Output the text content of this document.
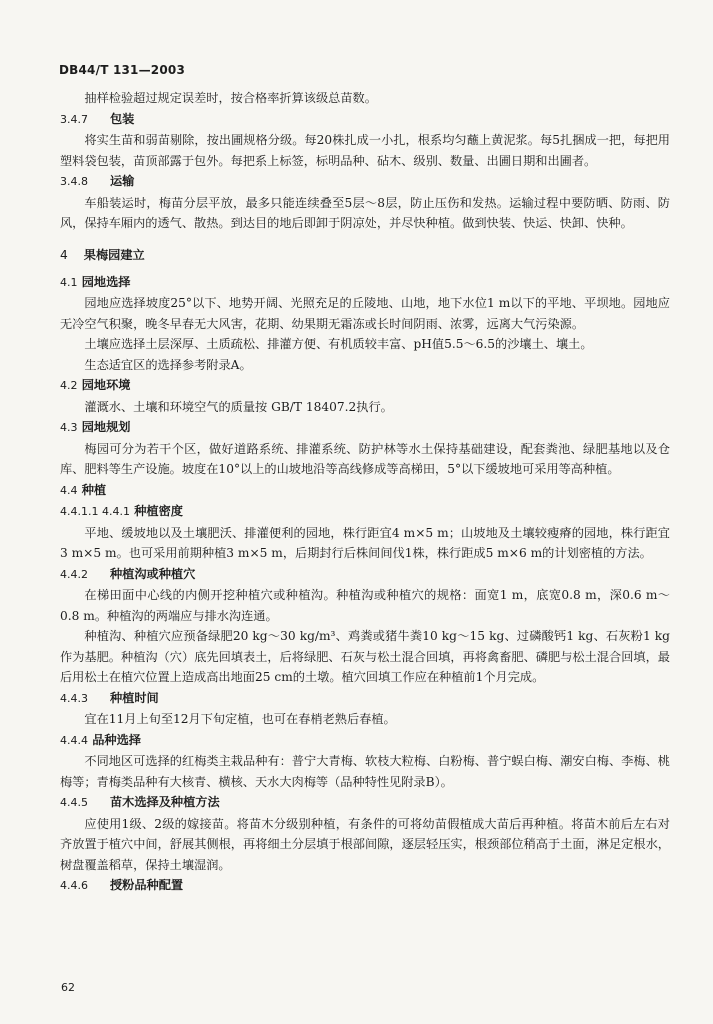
DB44/T 131—2003

抽样检验超过规定误差时，按合格率折算该级总苗数。

3.4.7 包装

将实生苗和弱苗剔除，按出圃规格分级。每20株扎成一小扎，根系均匀蘸上黄泥浆。每5扎捆成一把，每把用塑料袋包装，苗顶部露于包外。每把系上标签，标明品种、砧木、级别、数量、出圃日期和出圃者。

3.4.8 运输

车船装运时，梅苗分层平放，最多只能连续叠至5层～8层，防止压伤和发热。运输过程中要防晒、防雨、防风，保持车厢内的透气、散热。到达目的地后即卸于阴凉处，并尽快种植。做到快装、快运、快卸、快种。

4 果梅园建立

4.1 园地选择

园地应选择坡度25°以下、地势开阔、光照充足的丘陵地、山地，地下水位1 m以下的平地、平坝地。园地应无冷空气积聚，晚冬早春无大风害，花期、幼果期无霜冻或长时间阴雨、浓雾，远离大气污染源。

土壤应选择土层深厚、土质疏松、排灌方便、有机质较丰富、pH值5.5～6.5的沙壤土、壤土。

生态适宜区的选择参考附录A。

4.2 园地环境

灌溉水、土壤和环境空气的质量按 GB/T 18407.2执行。

4.3 园地规划

梅园可分为若干个区，做好道路系统、排灌系统、防护林等水土保持基础建设，配套粪池、绿肥基地以及仓库、肥料等生产设施。坡度在10°以上的山坡地沿等高线修成等高梯田，5°以下缓坡地可采用等高种植。

4.4 种植

4.4.1.1 4.4.1 种植密度

平地、缓坡地以及土壤肥沃、排灌便利的园地，株行距宜4 m×5 m；山坡地及土壤较瘦瘠的园地，株行距宜3 m×5 m。也可采用前期种植3 m×5 m，后期封行后株间间伐1株，株行距成5 m×6 m的计划密植的方法。

4.4.2 种植沟或种植穴

在梯田面中心线的内侧开挖种植穴或种植沟。种植沟或种植穴的规格：面宽1 m，底宽0.8 m，深0.6 m～0.8 m。种植沟的两端应与排水沟连通。

种植沟、种植穴应预备绿肥20 kg～30 kg/m³、鸡粪或猪牛粪10 kg～15 kg、过磷酸钙1 kg、石灰粉1 kg作为基肥。种植沟（穴）底先回填表土，后将绿肥、石灰与松土混合回填，再将禽畜肥、磷肥与松土混合回填，最后用松土在植穴位置上造成高出地面25 cm的土墩。植穴回填工作应在种植前1个月完成。

4.4.3 种植时间

宜在11月上旬至12月下旬定植，也可在春梢老熟后春植。

4.4.4 品种选择

不同地区可选择的红梅类主栽品种有：普宁大青梅、软枝大粒梅、白粉梅、普宁蜈白梅、潮安白梅、李梅、桃梅等；青梅类品种有大核青、横核、天水大肉梅等（品种特性见附录B）。

4.4.5 苗木选择及种植方法

应使用1级、2级的嫁接苗。将苗木分级别种植，有条件的可将幼苗假植成大苗后再种植。将苗木前后左右对齐放置于植穴中间，舒展其侧根，再将细土分层填于根部间隙，逐层轻压实，根颈部位稍高于土面，淋足定根水，树盘覆盖稻草，保持土壤湿润。

4.4.6 授粉品种配置

62
